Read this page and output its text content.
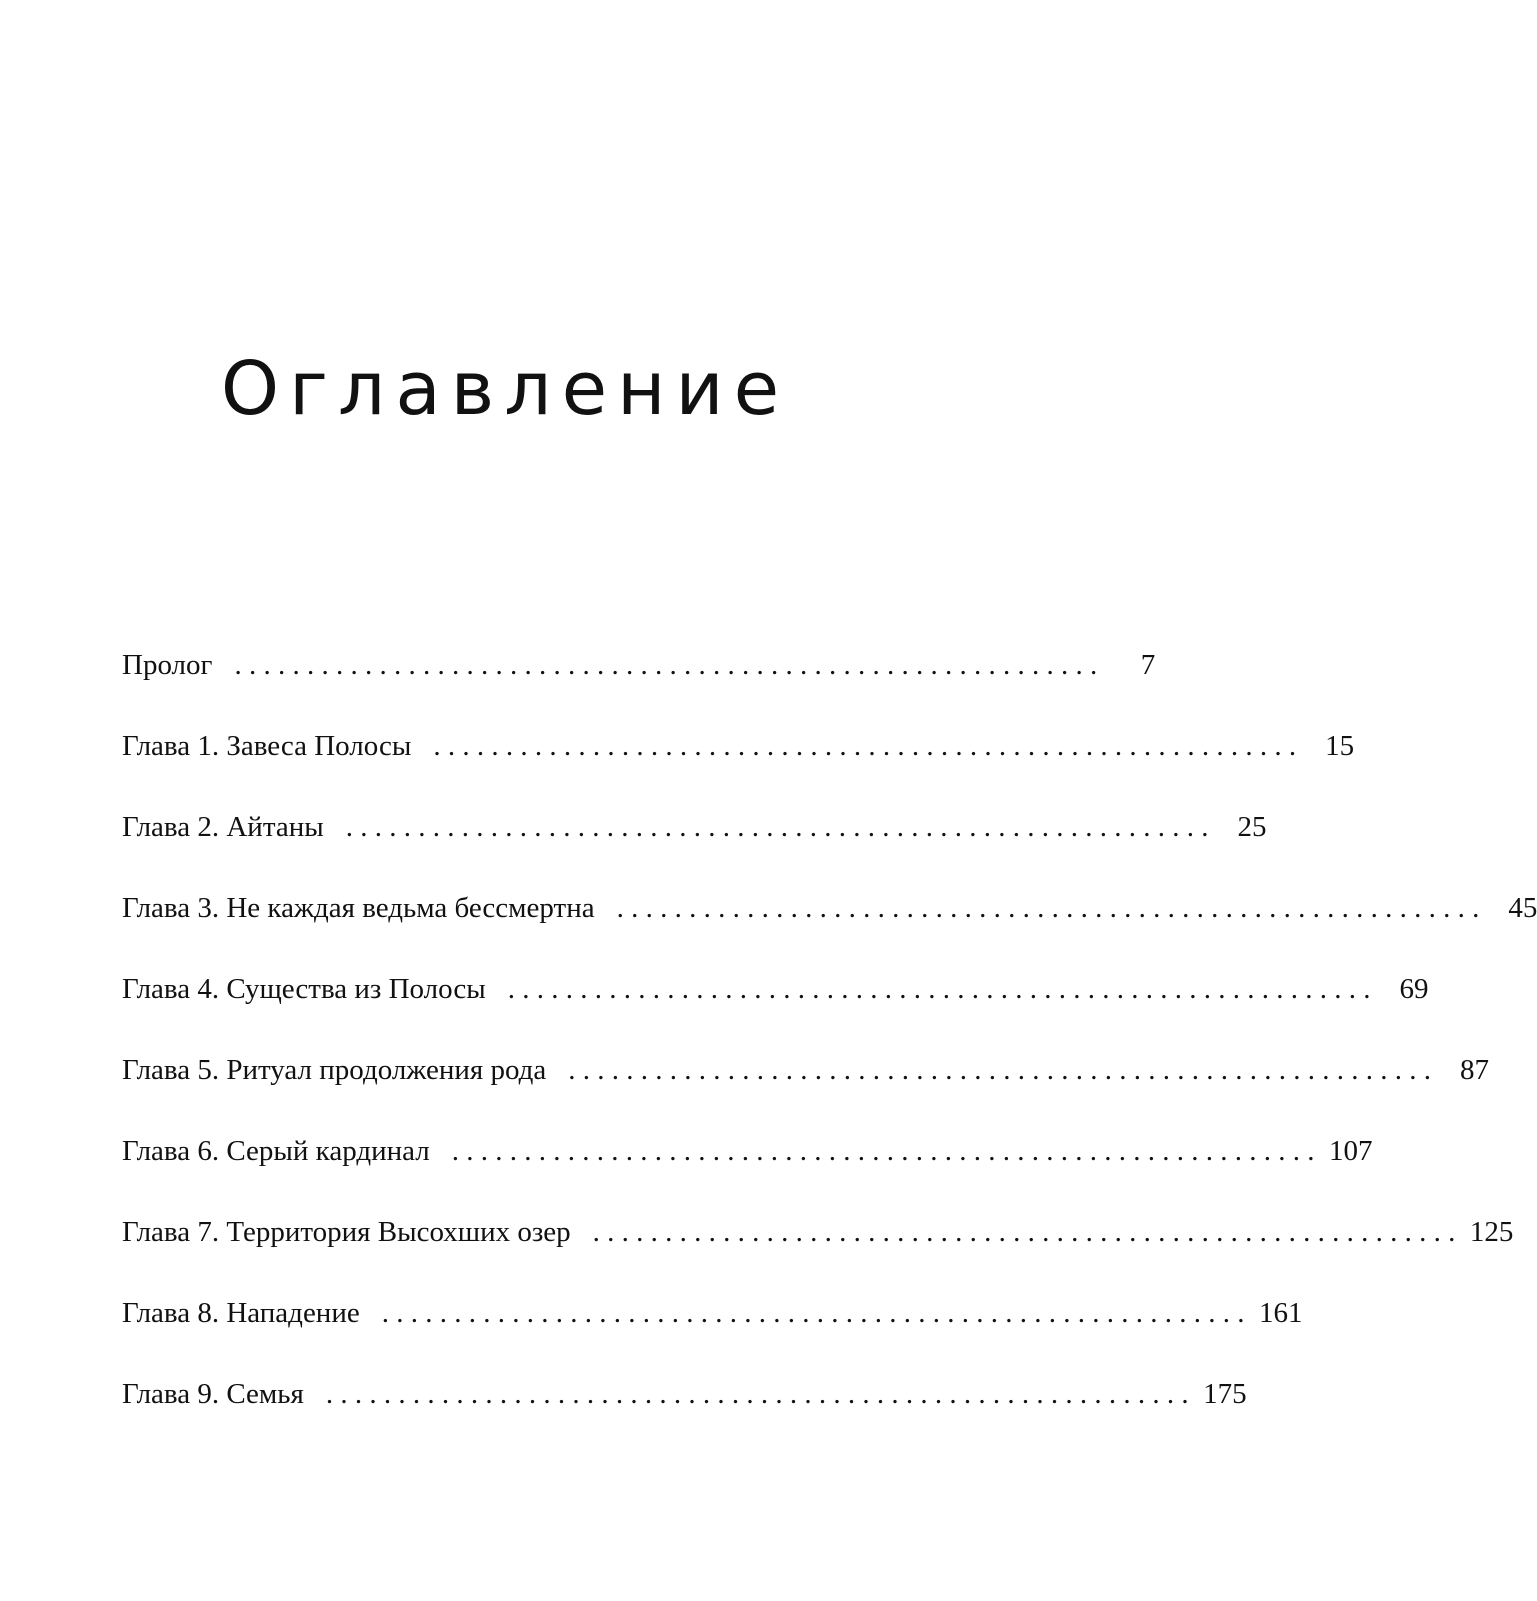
Оглавление
Пролог . . . . . . . . . . . . . . . . . . . . . . . . . . . . . . . . . . . . . . . . . . . . . . . . . . . . . . . . . . . .	7
Глава 1. Завеса Полосы . . . . . . . . . . . . . . . . . . . . . . . . . . . . . . . . . . . . . . . . . . . . . . . . . . . . . . . . . . . .	15
Глава 2. Айтаны . . . . . . . . . . . . . . . . . . . . . . . . . . . . . . . . . . . . . . . . . . . . . . . . . . . . . . . . . . . .	25
Глава 3. Не каждая ведьма бессмертна . . . . . . . . . . . . . . . . . . . . . . . . . . . . . . . . . . . . . . . . . . . . . . . . . . . . . . . . . . . .	45
Глава 4. Существа из Полосы . . . . . . . . . . . . . . . . . . . . . . . . . . . . . . . . . . . . . . . . . . . . . . . . . . . . . . . . . . . .	69
Глава 5. Ритуал продолжения рода . . . . . . . . . . . . . . . . . . . . . . . . . . . . . . . . . . . . . . . . . . . . . . . . . . . . . . . . . . . .	87
Глава 6. Серый кардинал . . . . . . . . . . . . . . . . . . . . . . . . . . . . . . . . . . . . . . . . . . . . . . . . . . . . . . . . . . . . 107
Глава 7. Территория Высохших озер . . . . . . . . . . . . . . . . . . . . . . . . . . . . . . . . . . . . . . . . . . . . . . . . . . . . . . . . . . . . 125
Глава 8. Нападение . . . . . . . . . . . . . . . . . . . . . . . . . . . . . . . . . . . . . . . . . . . . . . . . . . . . . . . . . . . . 161
Глава 9. Семья . . . . . . . . . . . . . . . . . . . . . . . . . . . . . . . . . . . . . . . . . . . . . . . . . . . . . . . . . . . . 175
